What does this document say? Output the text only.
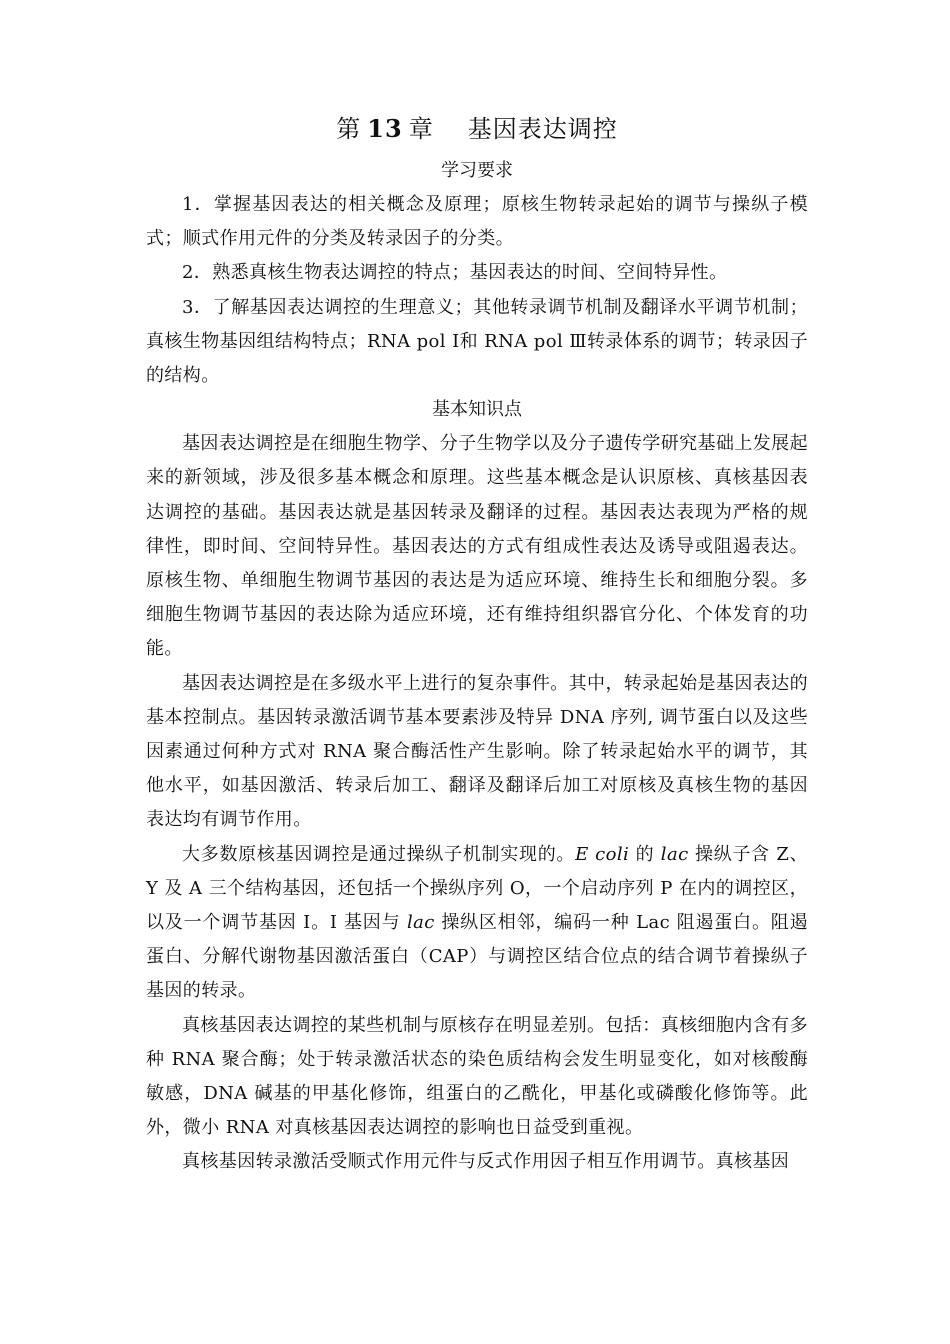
第 13 章 基因表达调控
学习要求

1．掌握基因表达的相关概念及原理；原核生物转录起始的调节与操纵子模式；顺式作用元件的分类及转录因子的分类。

2．熟悉真核生物表达调控的特点；基因表达的时间、空间特异性。

3．了解基因表达调控的生理意义；其他转录调节机制及翻译水平调节机制；真核生物基因组结构特点；RNA pol Ⅰ和 RNA pol Ⅲ转录体系的调节；转录因子的结构。

基本知识点

基因表达调控是在细胞生物学、分子生物学以及分子遗传学研究基础上发展起来的新领域，涉及很多基本概念和原理。这些基本概念是认识原核、真核基因表达调控的基础。基因表达就是基因转录及翻译的过程。基因表达表现为严格的规律性，即时间、空间特异性。基因表达的方式有组成性表达及诱导或阻遏表达。原核生物、单细胞生物调节基因的表达是为适应环境、维持生长和细胞分裂。多细胞生物调节基因的表达除为适应环境，还有维持组织器官分化、个体发育的功能。

基因表达调控是在多级水平上进行的复杂事件。其中，转录起始是基因表达的基本控制点。基因转录激活调节基本要素涉及特异 DNA 序列, 调节蛋白以及这些因素通过何种方式对 RNA 聚合酶活性产生影响。除了转录起始水平的调节，其他水平，如基因激活、转录后加工、翻译及翻译后加工对原核及真核生物的基因表达均有调节作用。

大多数原核基因调控是通过操纵子机制实现的。E coli 的 lac 操纵子含 Z、Y 及 A 三个结构基因，还包括一个操纵序列 O，一个启动序列 P 在内的调控区，以及一个调节基因 I。I 基因与 lac 操纵区相邻，编码一种 Lac 阻遏蛋白。阻遏蛋白、分解代谢物基因激活蛋白（CAP）与调控区结合位点的结合调节着操纵子基因的转录。

真核基因表达调控的某些机制与原核存在明显差别。包括：真核细胞内含有多种 RNA 聚合酶；处于转录激活状态的染色质结构会发生明显变化，如对核酸酶敏感，DNA 碱基的甲基化修饰，组蛋白的乙酰化，甲基化或磷酸化修饰等。此外，微小 RNA 对真核基因表达调控的影响也日益受到重视。

真核基因转录激活受顺式作用元件与反式作用因子相互作用调节。真核基因
